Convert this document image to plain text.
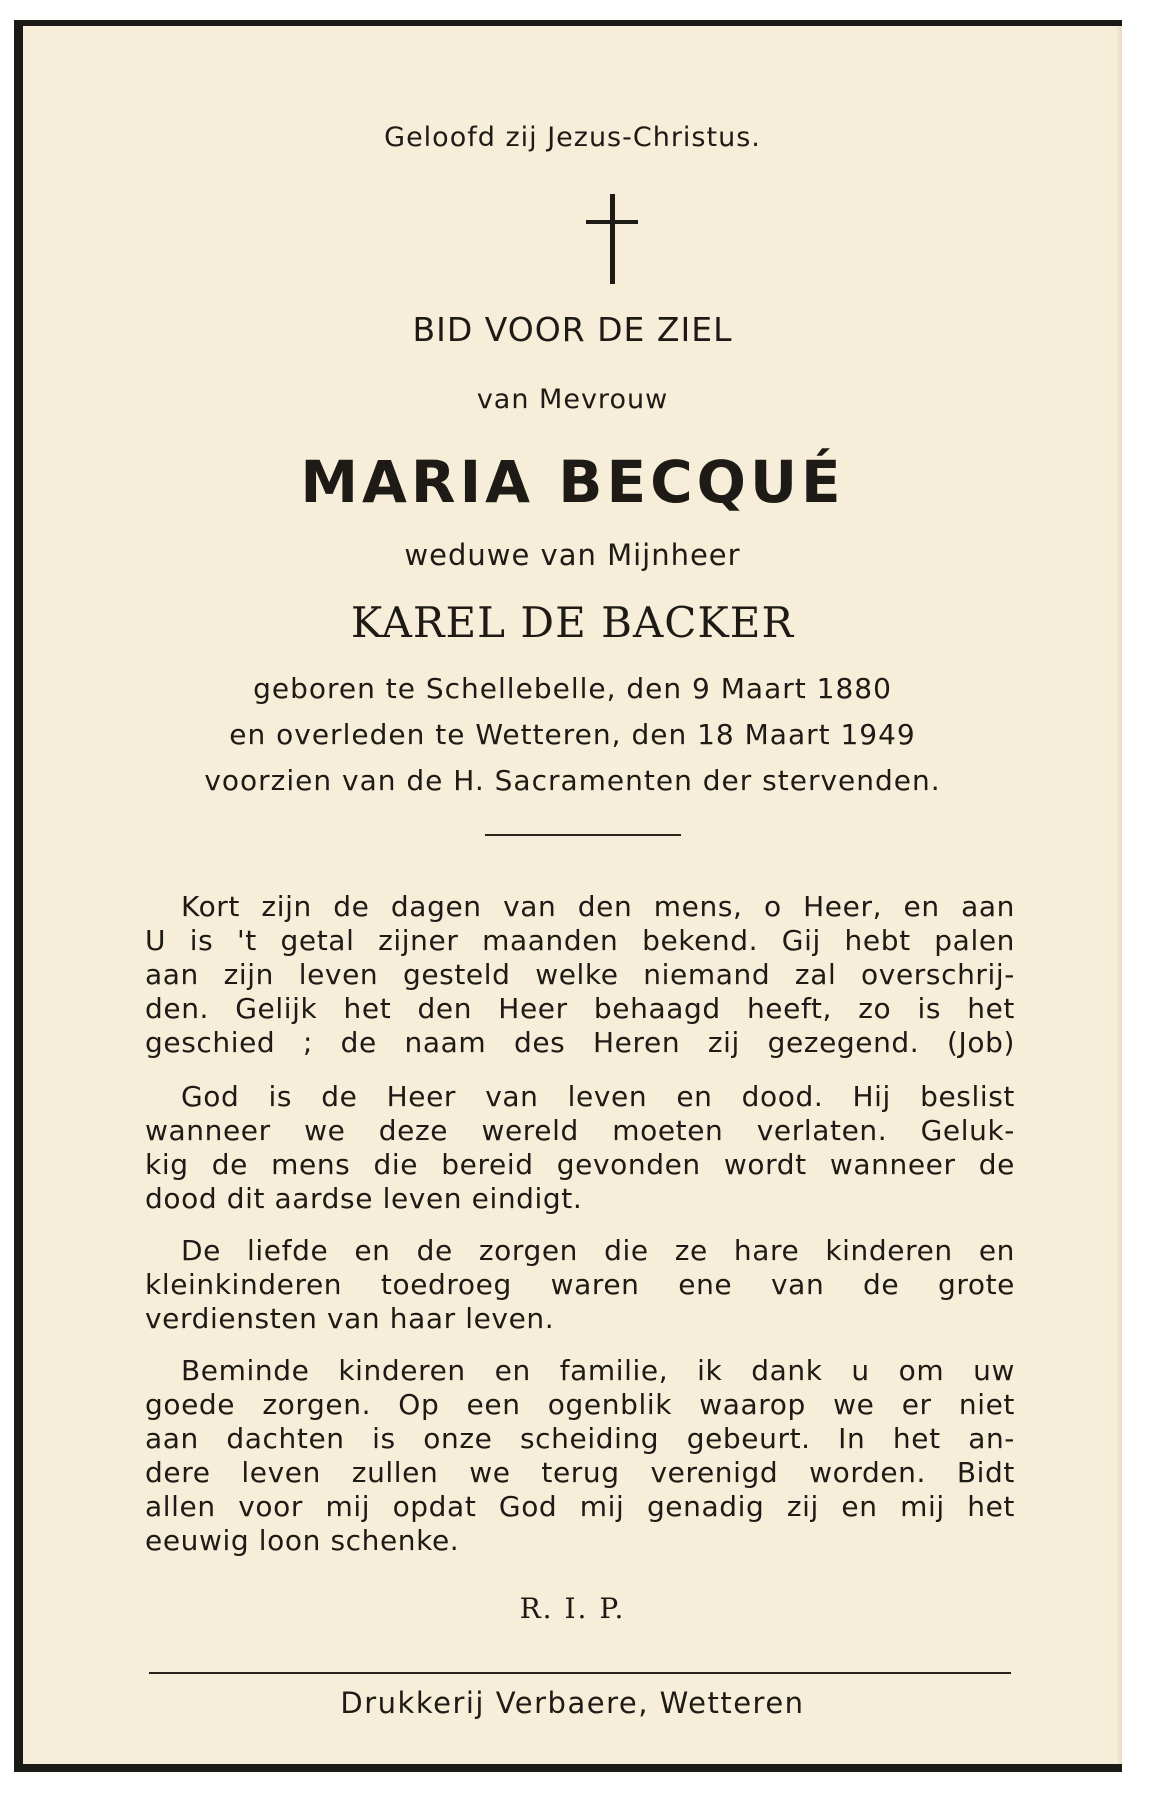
Geloofd zij Jezus-Christus.
BID VOOR DE ZIEL
van Mevrouw
MARIA BECQUÉ
weduwe van Mijnheer
KAREL DE BACKER
geboren te Schellebelle, den 9 Maart 1880
en overleden te Wetteren, den 18 Maart 1949
voorzien van de H. Sacramenten der stervenden.
Kort zijn de dagen van den mens, o Heer, en aan
U is 't getal zijner maanden bekend. Gij hebt palen
aan zijn leven gesteld welke niemand zal overschrij-
den. Gelijk het den Heer behaagd heeft, zo is het
geschied ; de naam des Heren zij gezegend. (Job)
God is de Heer van leven en dood. Hij beslist
wanneer we deze wereld moeten verlaten. Geluk-
kig de mens die bereid gevonden wordt wanneer de
dood dit aardse leven eindigt.
De liefde en de zorgen die ze hare kinderen en
kleinkinderen toedroeg waren ene van de grote
verdiensten van haar leven.
Beminde kinderen en familie, ik dank u om uw
goede zorgen. Op een ogenblik waarop we er niet
aan dachten is onze scheiding gebeurt. In het an-
dere leven zullen we terug verenigd worden. Bidt
allen voor mij opdat God mij genadig zij en mij het
eeuwig loon schenke.
R. I. P.
Drukkerij Verbaere, Wetteren
